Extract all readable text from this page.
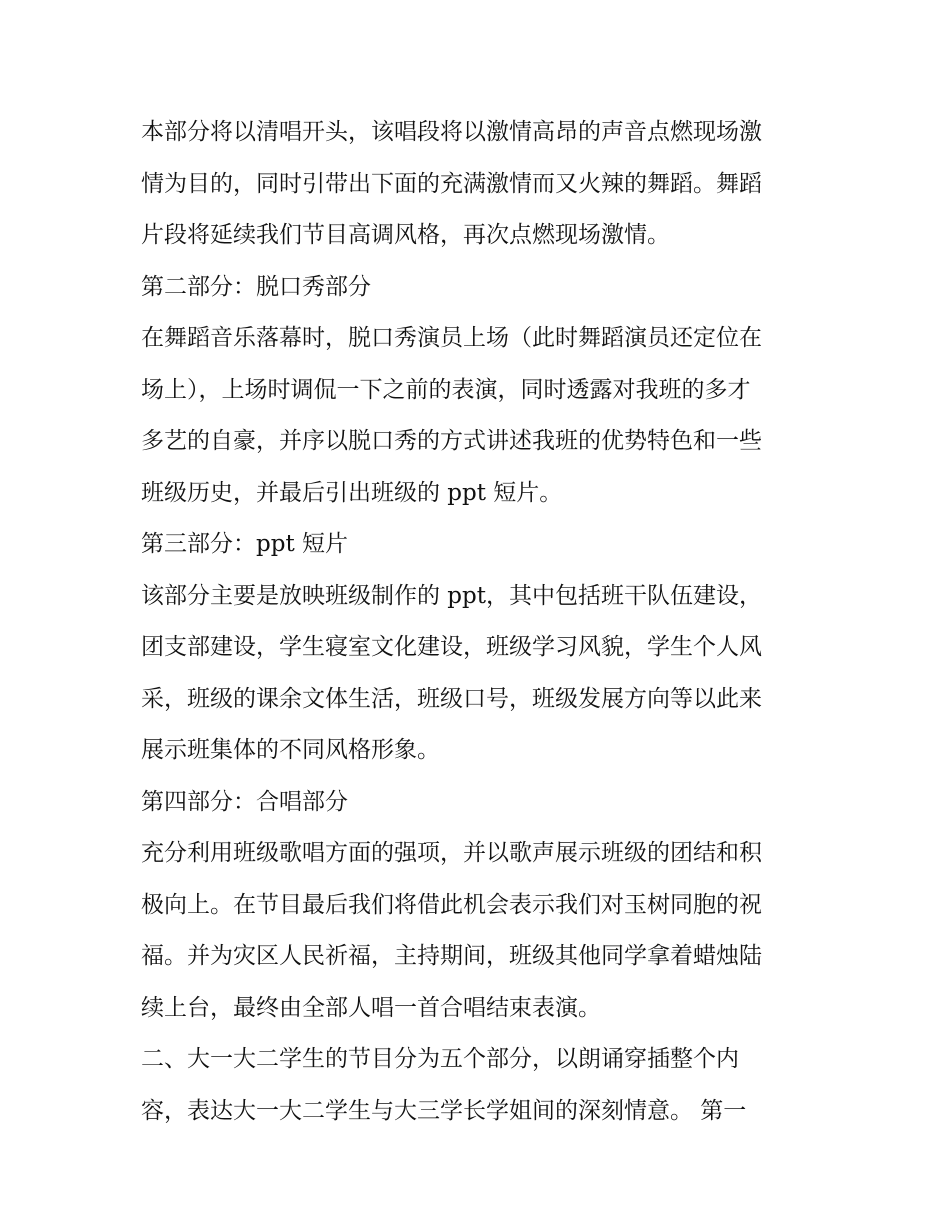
本部分将以清唱开头，该唱段将以激情高昂的声音点燃现场激
情为目的，同时引带出下面的充满激情而又火辣的舞蹈。舞蹈
片段将延续我们节目高调风格，再次点燃现场激情。
第二部分：脱口秀部分
在舞蹈音乐落幕时，脱口秀演员上场（此时舞蹈演员还定位在
场上），上场时调侃一下之前的表演，同时透露对我班的多才
多艺的自豪，并序以脱口秀的方式讲述我班的优势特色和一些
班级历史，并最后引出班级的 ppt 短片。
第三部分：ppt 短片
该部分主要是放映班级制作的 ppt，其中包括班干队伍建设，
团支部建设，学生寝室文化建设，班级学习风貌，学生个人风
采，班级的课余文体生活，班级口号，班级发展方向等以此来
展示班集体的不同风格形象。
第四部分：合唱部分
充分利用班级歌唱方面的强项，并以歌声展示班级的团结和积
极向上。在节目最后我们将借此机会表示我们对玉树同胞的祝
福。并为灾区人民祈福，主持期间，班级其他同学拿着蜡烛陆
续上台，最终由全部人唱一首合唱结束表演。
二、大一大二学生的节目分为五个部分，以朗诵穿插整个内
容，表达大一大二学生与大三学长学姐间的深刻情意。 第一
